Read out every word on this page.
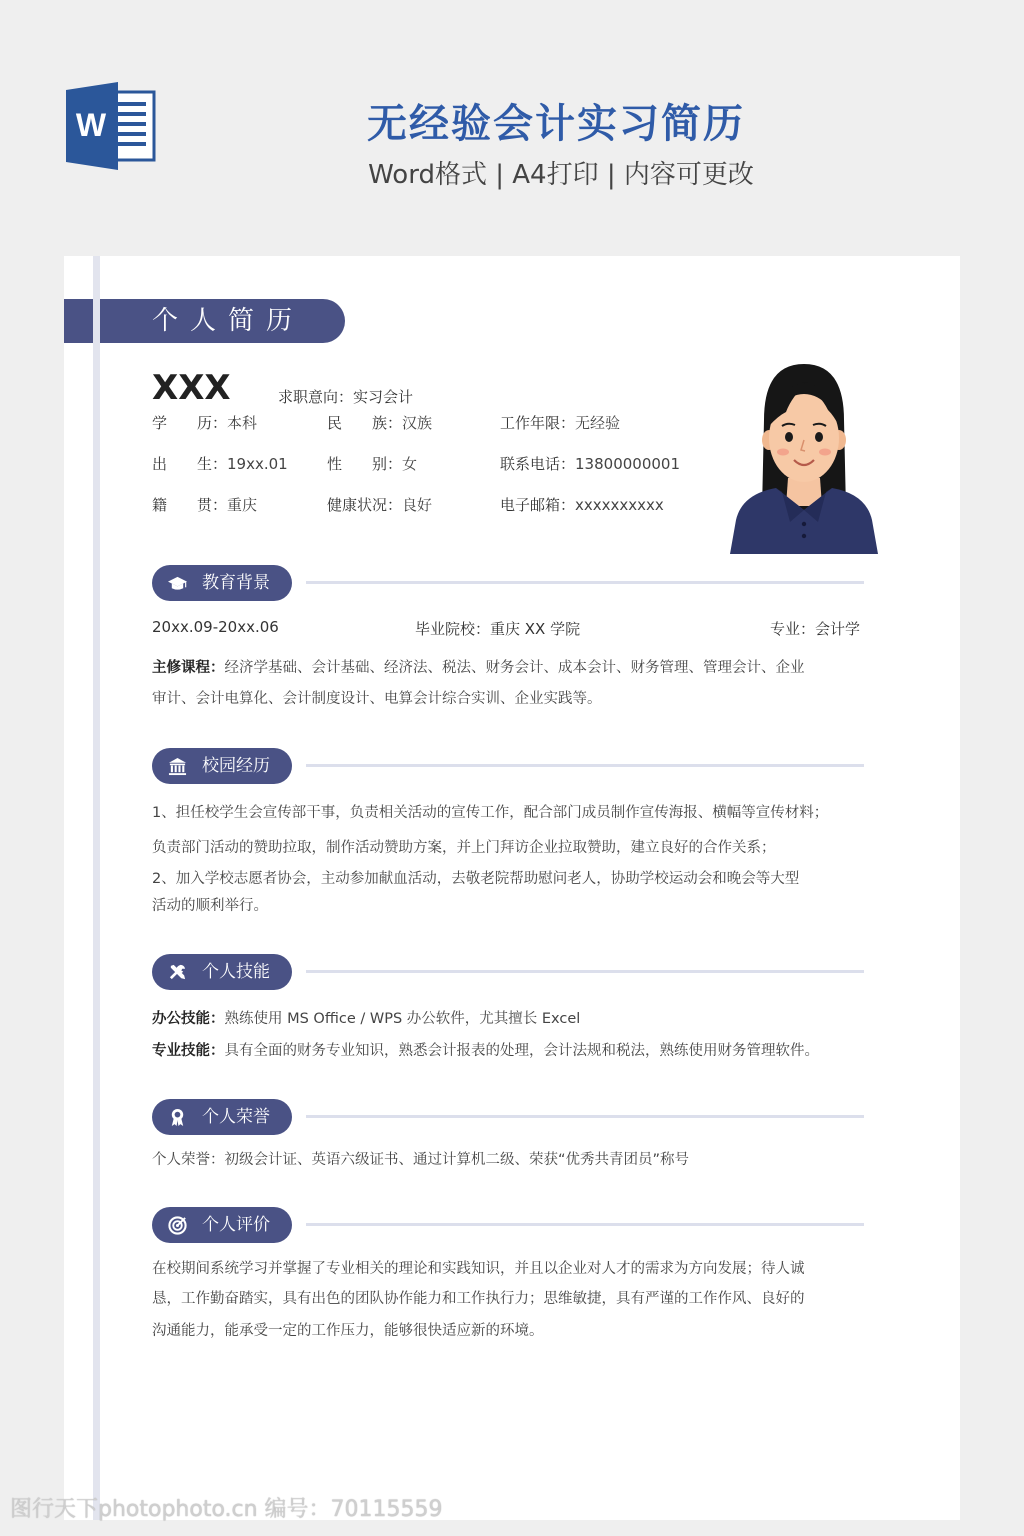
W	无经验会计实习简历
Word格式 | A4打印 | 内容可更改
个人简历
XXX	求职意向：实习会计
学　　历：本科	民　　族：汉族	工作年限：无经验
出　　生：19xx.01	性　　别：女	联系电话：13800000001
籍　　贯：重庆	健康状况：良好	电子邮箱：xxxxxxxxxx
教育背景
20xx.09-20xx.06	毕业院校：重庆 XX 学院	专业：会计学
主修课程：经济学基础、会计基础、经济法、税法、财务会计、成本会计、财务管理、管理会计、企业
审计、会计电算化、会计制度设计、电算会计综合实训、企业实践等。
校园经历
1、担任校学生会宣传部干事，负责相关活动的宣传工作，配合部门成员制作宣传海报、横幅等宣传材料；
负责部门活动的赞助拉取，制作活动赞助方案，并上门拜访企业拉取赞助，建立良好的合作关系；
2、加入学校志愿者协会，主动参加献血活动，去敬老院帮助慰问老人，协助学校运动会和晚会等大型
活动的顺利举行。
个人技能
办公技能：熟练使用 MS Office / WPS 办公软件，尤其擅长 Excel
专业技能：具有全面的财务专业知识，熟悉会计报表的处理，会计法规和税法，熟练使用财务管理软件。
个人荣誉
个人荣誉：初级会计证、英语六级证书、通过计算机二级、荣获“优秀共青团员”称号
个人评价
在校期间系统学习并掌握了专业相关的理论和实践知识，并且以企业对人才的需求为方向发展；待人诚
恳，工作勤奋踏实，具有出色的团队协作能力和工作执行力；思维敏捷，具有严谨的工作作风、良好的
沟通能力，能承受一定的工作压力，能够很快适应新的环境。
图行天下photophoto.cn 编号：70115559
